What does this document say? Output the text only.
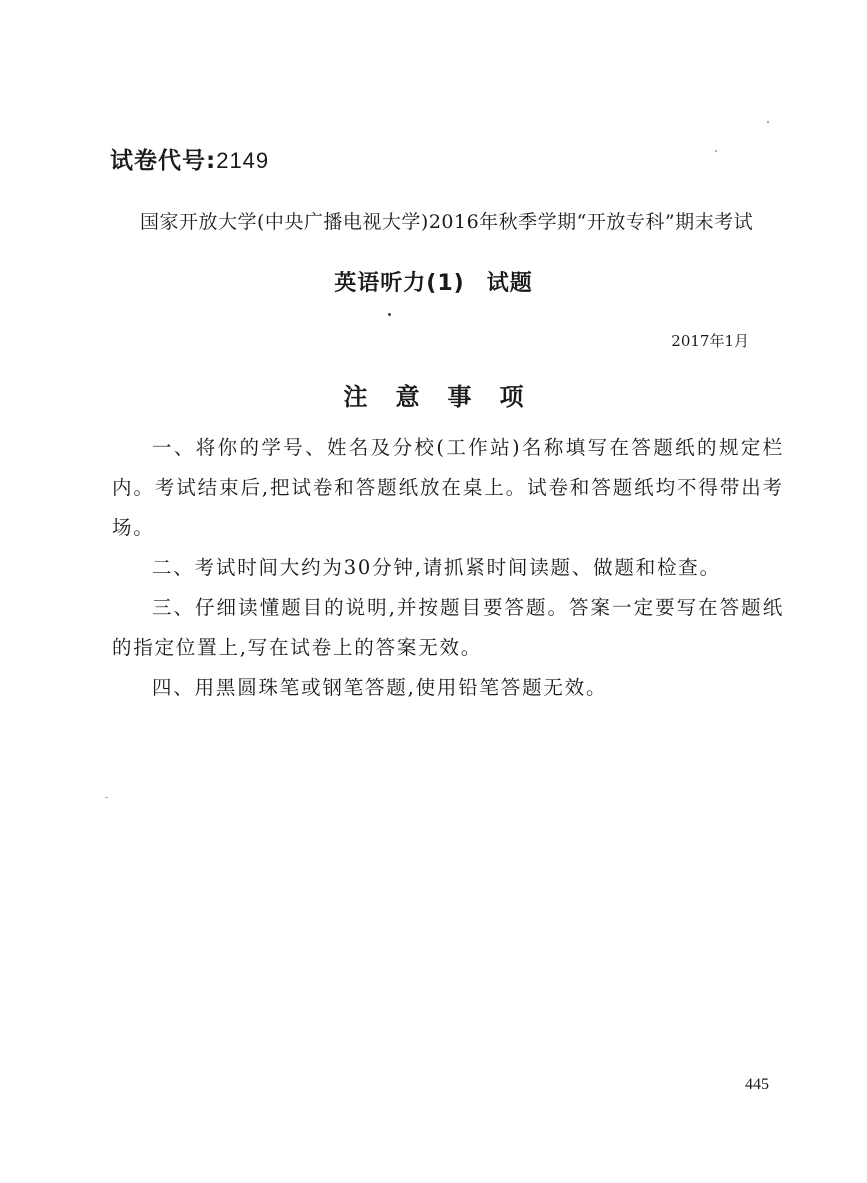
试卷代号:2149
国家开放大学(中央广播电视大学)2016年秋季学期“开放专科”期末考试
英语听力(1) 试题
2017年1月
注意事项

一、将你的学号、姓名及分校(工作站)名称填写在答题纸的规定栏内。考试结束后,把试卷和答题纸放在桌上。试卷和答题纸均不得带出考场。

二、考试时间大约为30分钟,请抓紧时间读题、做题和检查。

三、仔细读懂题目的说明,并按题目要答题。答案一定要写在答题纸的指定位置上,写在试卷上的答案无效。

四、用黑圆珠笔或钢笔答题,使用铅笔答题无效。

445
